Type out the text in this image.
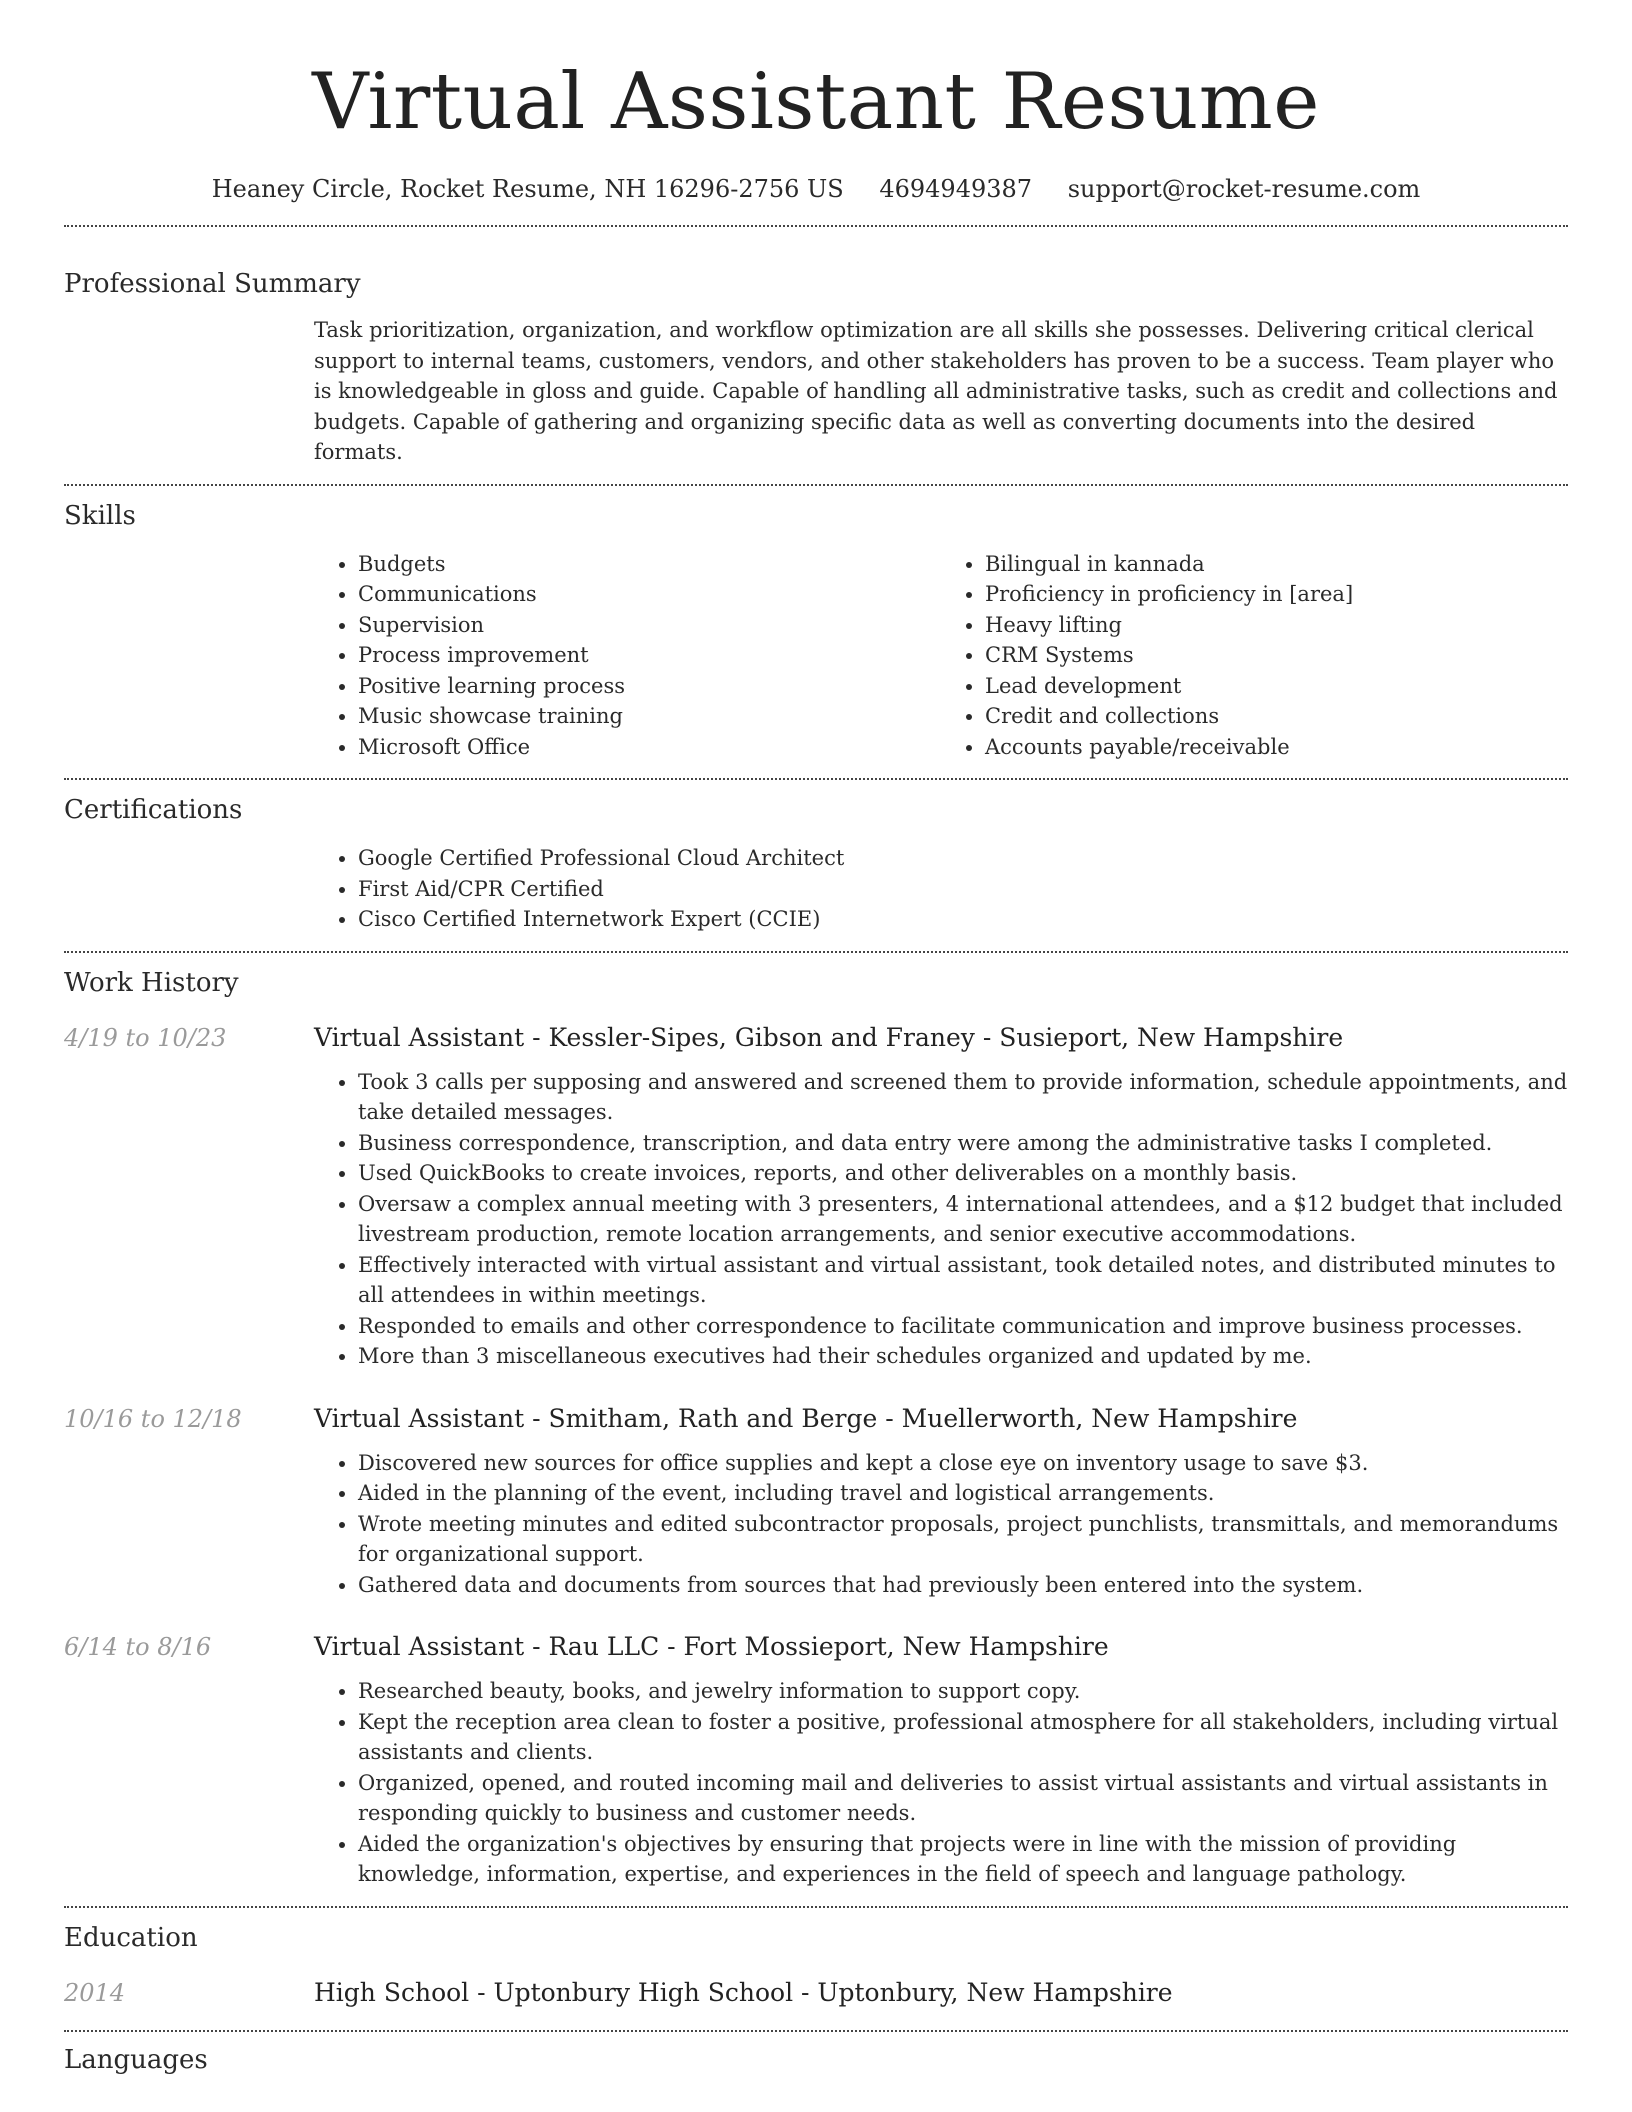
Virtual Assistant Resume
Heaney Circle, Rocket Resume, NH 16296-2756 US 4694949387 support@rocket-resume.com
Professional Summary

Task prioritization, organization, and workflow optimization are all skills she possesses. Delivering critical clerical support to internal teams, customers, vendors, and other stakeholders has proven to be a success. Team player who is knowledgeable in gloss and guide. Capable of handling all administrative tasks, such as credit and collections and budgets. Capable of gathering and organizing specific data as well as converting documents into the desired formats.

Skills
• Budgets
• Communications
• Supervision
• Process improvement
• Positive learning process
• Music showcase training
• Microsoft Office
• Bilingual in kannada
• Proficiency in proficiency in [area]
• Heavy lifting
• CRM Systems
• Lead development
• Credit and collections
• Accounts payable/receivable
Certifications
• Google Certified Professional Cloud Architect
• First Aid/CPR Certified
• Cisco Certified Internetwork Expert (CCIE)
Work History
4/19 to 10/23	Virtual Assistant - Kessler-Sipes, Gibson and Franey - Susieport, New Hampshire
• Took 3 calls per supposing and answered and screened them to provide information, schedule appointments, and take detailed messages.
• Business correspondence, transcription, and data entry were among the administrative tasks I completed.
• Used QuickBooks to create invoices, reports, and other deliverables on a monthly basis.
• Oversaw a complex annual meeting with 3 presenters, 4 international attendees, and a $12 budget that included livestream production, remote location arrangements, and senior executive accommodations.
• Effectively interacted with virtual assistant and virtual assistant, took detailed notes, and distributed minutes to all attendees in within meetings.
• Responded to emails and other correspondence to facilitate communication and improve business processes.
• More than 3 miscellaneous executives had their schedules organized and updated by me.
10/16 to 12/18	Virtual Assistant - Smitham, Rath and Berge - Muellerworth, New Hampshire
• Discovered new sources for office supplies and kept a close eye on inventory usage to save $3.
• Aided in the planning of the event, including travel and logistical arrangements.
• Wrote meeting minutes and edited subcontractor proposals, project punchlists, transmittals, and memorandums for organizational support.
• Gathered data and documents from sources that had previously been entered into the system.
6/14 to 8/16	Virtual Assistant - Rau LLC - Fort Mossieport, New Hampshire
• Researched beauty, books, and jewelry information to support copy.
• Kept the reception area clean to foster a positive, professional atmosphere for all stakeholders, including virtual assistants and clients.
• Organized, opened, and routed incoming mail and deliveries to assist virtual assistants and virtual assistants in responding quickly to business and customer needs.
• Aided the organization's objectives by ensuring that projects were in line with the mission of providing knowledge, information, expertise, and experiences in the field of speech and language pathology.
Education
2014	High School - Uptonbury High School - Uptonbury, New Hampshire
Languages
